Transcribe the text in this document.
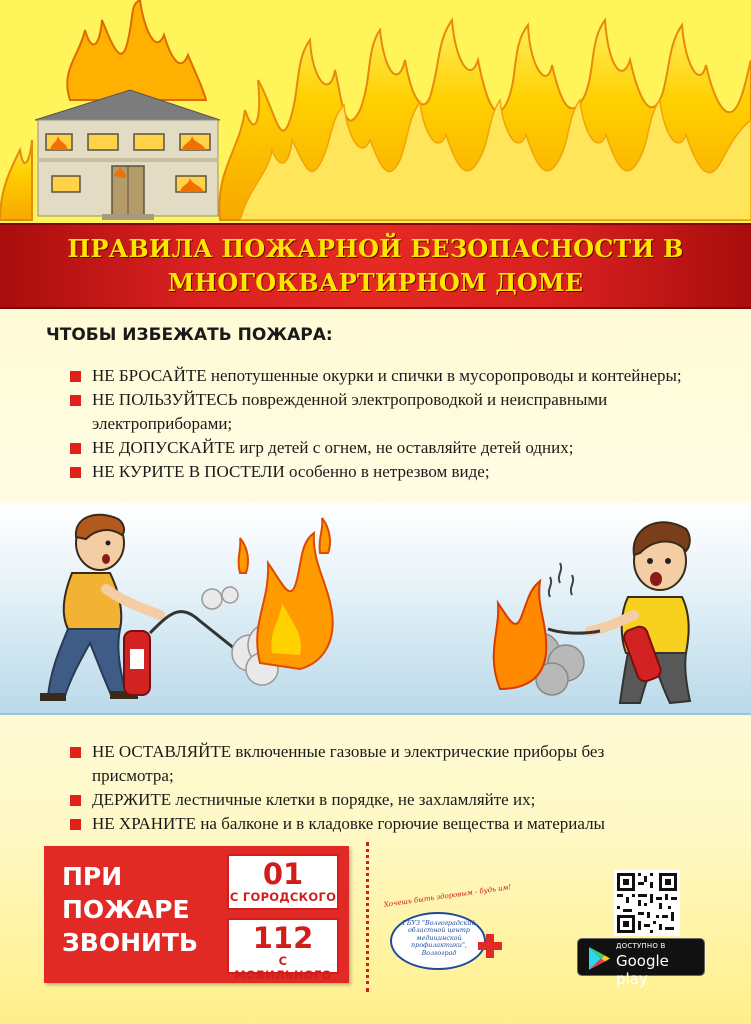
ПРАВИЛА ПОЖАРНОЙ БЕЗОПАСНОСТИ В
МНОГОКВАРТИРНОМ ДОМЕ
ЧТОБЫ ИЗБЕЖАТЬ ПОЖАРА:
НЕ БРОСАЙТЕ непотушенные окурки и спички в мусоропроводы и контейнеры;
НЕ ПОЛЬЗУЙТЕСЬ поврежденной электропроводкой и неисправными электроприборами;
НЕ ДОПУСКАЙТЕ игр детей с огнем, не оставляйте детей одних;
НЕ КУРИТЕ В ПОСТЕЛИ особенно в нетрезвом виде;
НЕ ОСТАВЛЯЙТЕ включенные газовые и электрические приборы без присмотра;
ДЕРЖИТЕ лестничные клетки в порядке, не захламляйте их;
НЕ ХРАНИТЕ на балконе и в кладовке горючие вещества и материалы
ПРИ
ПОЖАРЕ
ЗВОНИТЬ
01
С ГОРОДСКОГО
112
С МОБИЛЬНОГО
Хочешь быть здоровым - будь им!
ГБУЗ "Волгоградский
областной центр
медицинской
профилактики",
Волгоград
ДОСТУПНО В
Google play
